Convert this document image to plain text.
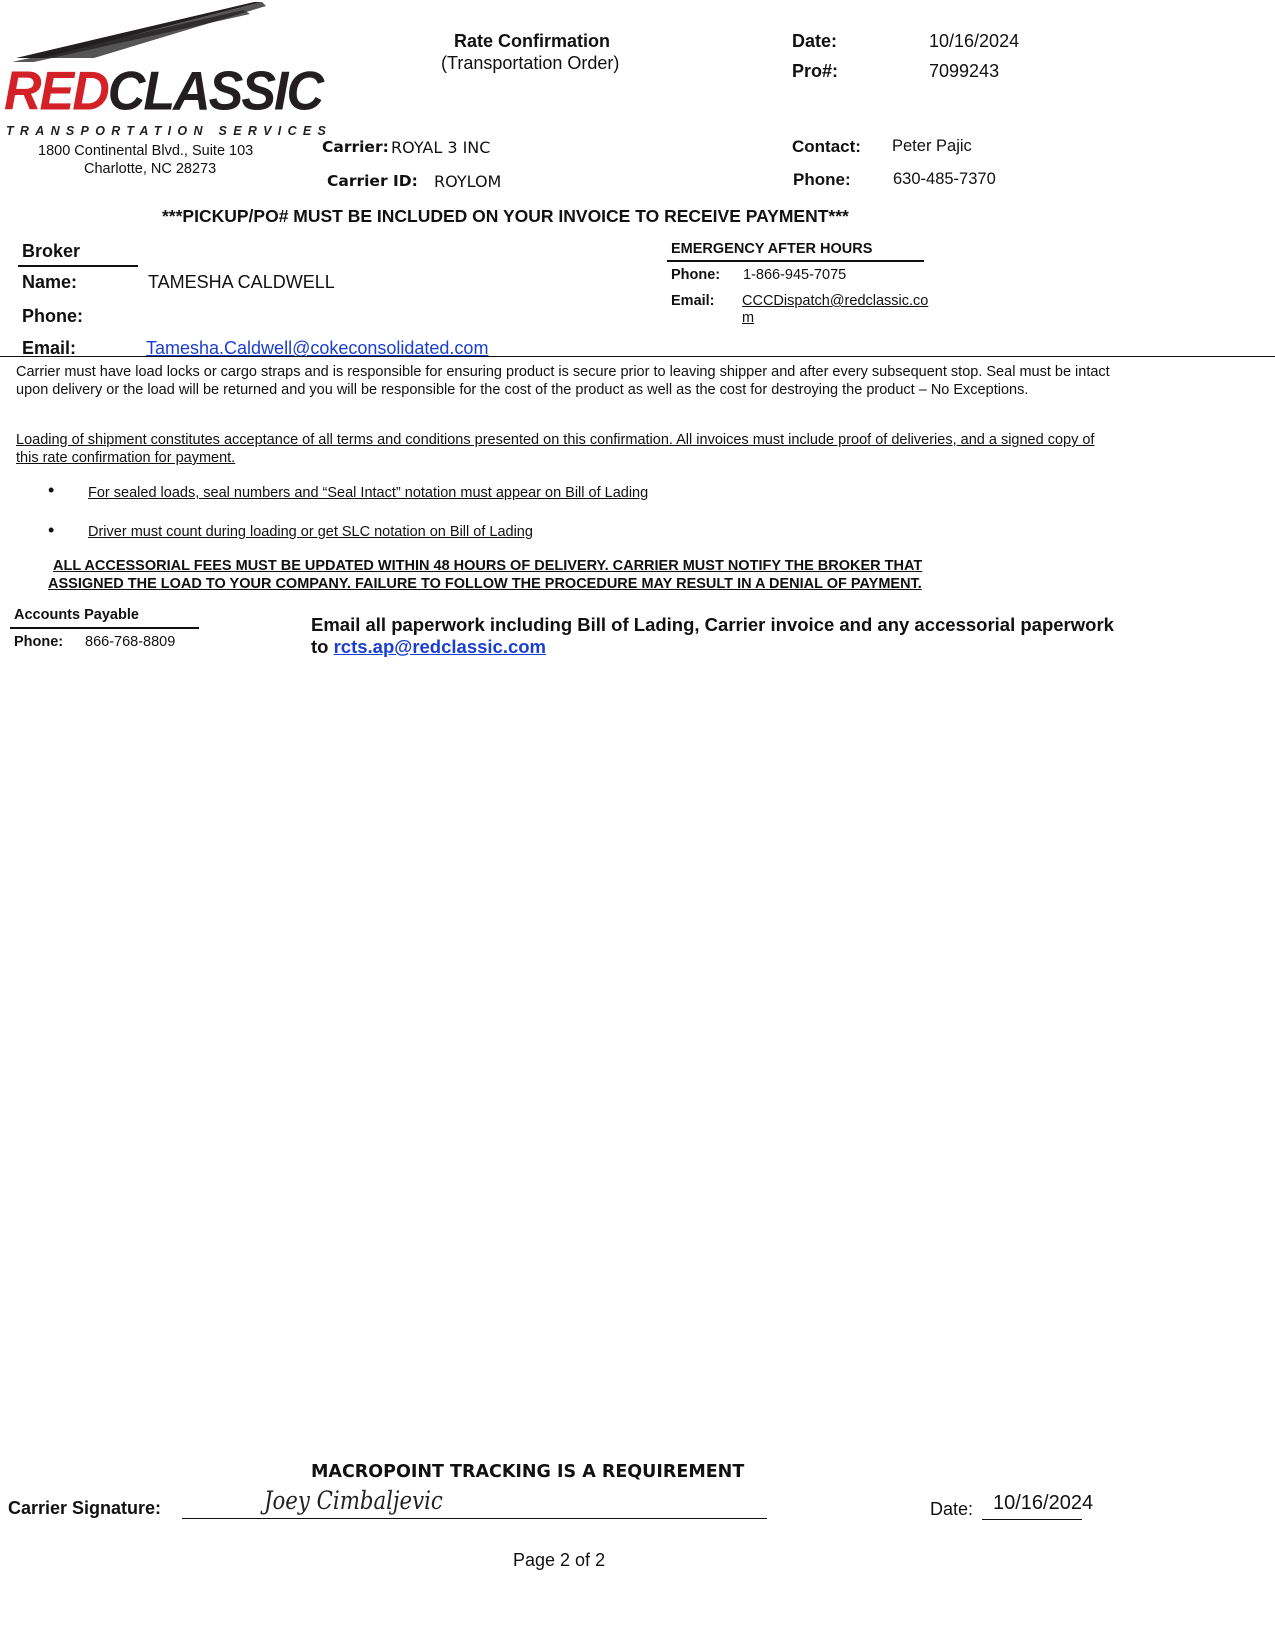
REDCLASSIC
TRANSPORTATION SERVICES
1800 Continental Blvd., Suite 103
Charlotte, NC 28273
Rate Confirmation
(Transportation Order)
Date:	10/16/2024
Pro#:	7099243
Carrier: ROYAL 3 INC
Carrier ID: ROYLOM
Contact: Peter Pajic
Phone:	630-485-7370
***PICKUP/PO# MUST BE INCLUDED ON YOUR INVOICE TO RECEIVE PAYMENT***
Broker
Name:	TAMESHA CALDWELL
Phone:
Email:	Tamesha.Caldwell@cokeconsolidated.com
EMERGENCY AFTER HOURS
Phone: 1-866-945-7075
Email: CCCDispatch@redclassic.co
m
Carrier must have load locks or cargo straps and is responsible for ensuring product is secure prior to leaving shipper and after every subsequent stop. Seal must be intact upon delivery or the load will be returned and you will be responsible for the cost of the product as well as the cost for destroying the product – No Exceptions.
Loading of shipment constitutes acceptance of all terms and conditions presented on this confirmation. All invoices must include proof of deliveries, and a signed copy of this rate confirmation for payment.
• For sealed loads, seal numbers and “Seal Intact” notation must appear on Bill of Lading
• Driver must count during loading or get SLC notation on Bill of Lading
ALL ACCESSORIAL FEES MUST BE UPDATED WITHIN 48 HOURS OF DELIVERY. CARRIER MUST NOTIFY THE BROKER THAT
ASSIGNED THE LOAD TO YOUR COMPANY. FAILURE TO FOLLOW THE PROCEDURE MAY RESULT IN A DENIAL OF PAYMENT.
Accounts Payable
Phone: 866-768-8809
Email all paperwork including Bill of Lading, Carrier invoice and any accessorial paperwork
to rcts.ap@redclassic.com
MACROPOINT TRACKING IS A REQUIREMENT
Carrier Signature:	Joey Cimbaljevic	Date: 10/16/2024
Page 2 of 2
